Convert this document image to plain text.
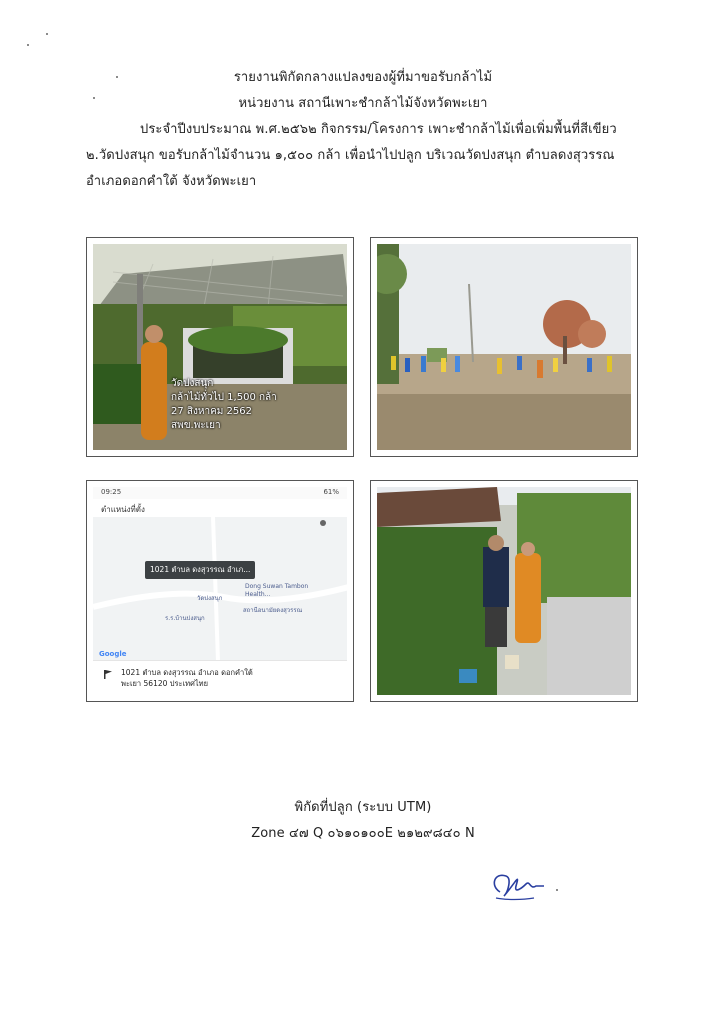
รายงานพิกัดกลางแปลงของผู้ที่มาขอรับกล้าไม้
หน่วยงาน สถานีเพาะชำกล้าไม้จังหวัดพะเยา
ประจำปีงบประมาณ พ.ศ.๒๕๖๒ กิจกรรม/โครงการ เพาะชำกล้าไม้เพื่อเพิ่มพื้นที่สีเขียว
๒.วัดปงสนุก ขอรับกล้าไม้จำนวน ๑,๕๐๐ กล้า เพื่อนำไปปลูก บริเวณวัดปงสนุก ตำบลดงสุวรรณ
อำเภอดอกคำใต้ จังหวัดพะเยา
วัดปงสนุก
กล้าไม้ทั่วไป 1,500 กล้า
27 สิงหาคม 2562
สพข.พะเยา
09:25	61%
ตำแหน่งที่ตั้ง
1021 ตำบล ดงสุวรรณ อำเภ...
วัดปงสนุก
Dong Suwan Tambon Health...
ร.ร.บ้านปงสนุก
สถานีอนามัยดงสุวรรณ
Google
1021 ตำบล ดงสุวรรณ อำเภอ ดอกคำใต้
พะเยา 56120 ประเทศไทย
พิกัดที่ปลูก (ระบบ UTM)
Zone ๔๗ Q ๐๖๑๐๑๐๐E ๒๑๒๙๘๔๐ N
